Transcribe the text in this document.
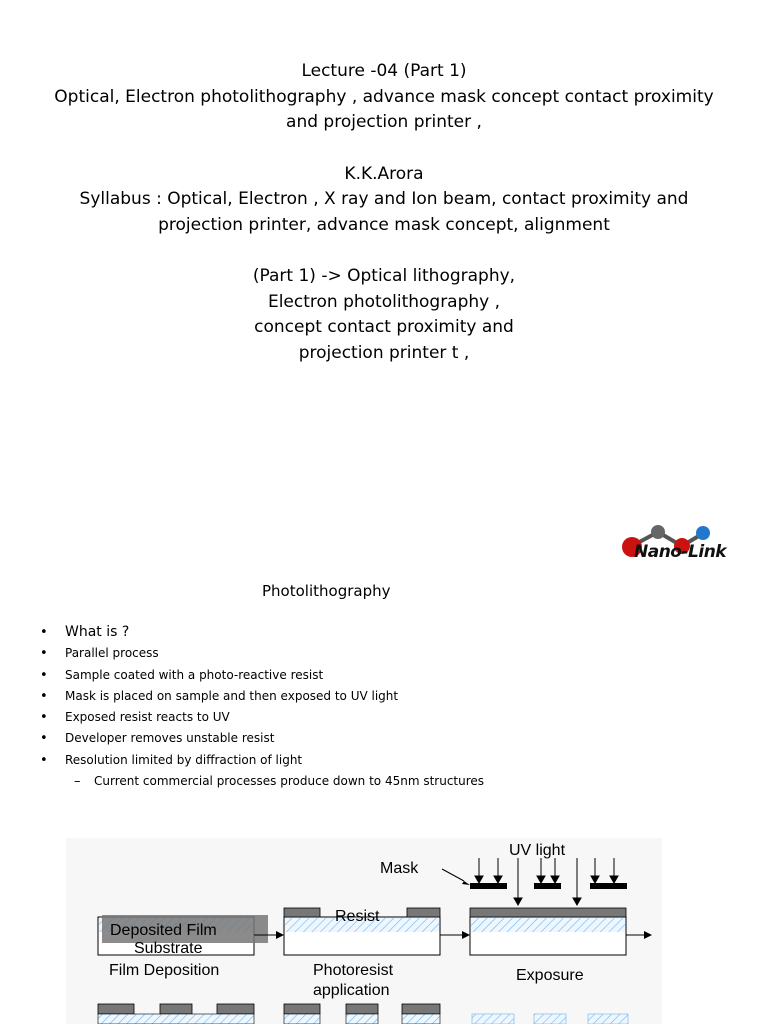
Lecture -04 (Part 1)
Optical, Electron photolithography , advance mask concept contact proximity
and projection printer ,
K.K.Arora
Syllabus : Optical, Electron , X ray and Ion beam, contact proximity and
projection printer, advance mask concept, alignment
(Part 1) -> Optical lithography,
Electron photolithography ,
concept contact proximity and
projection printer t ,
Nano-Link
Photolithography
• What is ?
• Parallel process
• Sample coated with a photo-reactive resist
• Mask is placed on sample and then exposed to UV light
• Exposed resist reacts to UV
• Developer removes unstable resist
• Resolution limited by diffraction of light
– Current commercial processes produce down to 45nm structures
UV light
Mask
Resist
Deposited Film
Substrate
Film Deposition	Photoresist
application
Exposure
